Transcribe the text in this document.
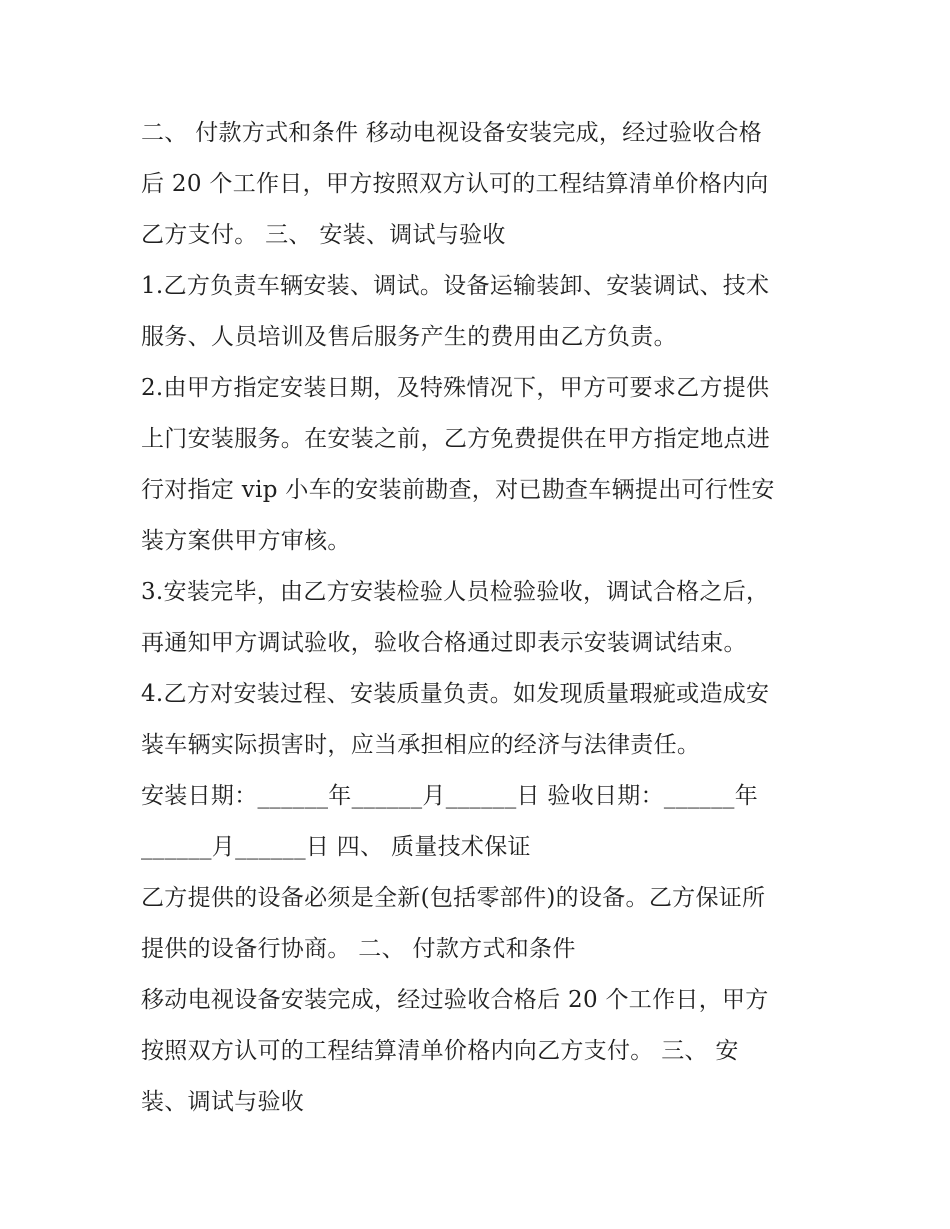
二、 付款方式和条件 移动电视设备安装完成，经过验收合格
后 20 个工作日，甲方按照双方认可的工程结算清单价格内向
乙方支付。 三、 安装、调试与验收
1.乙方负责车辆安装、调试。设备运输装卸、安装调试、技术
服务、人员培训及售后服务产生的费用由乙方负责。
2.由甲方指定安装日期，及特殊情况下，甲方可要求乙方提供
上门安装服务。在安装之前，乙方免费提供在甲方指定地点进
行对指定 vip 小车的安装前勘查，对已勘查车辆提出可行性安
装方案供甲方审核。
3.安装完毕，由乙方安装检验人员检验验收，调试合格之后，
再通知甲方调试验收，验收合格通过即表示安装调试结束。
4.乙方对安装过程、安装质量负责。如发现质量瑕疵或造成安
装车辆实际损害时，应当承担相应的经济与法律责任。
安装日期：______年______月______日 验收日期：______年
______月______日 四、 质量技术保证
乙方提供的设备必须是全新(包括零部件)的设备。乙方保证所
提供的设备行协商。 二、 付款方式和条件
移动电视设备安装完成，经过验收合格后 20 个工作日，甲方
按照双方认可的工程结算清单价格内向乙方支付。 三、 安
装、调试与验收
